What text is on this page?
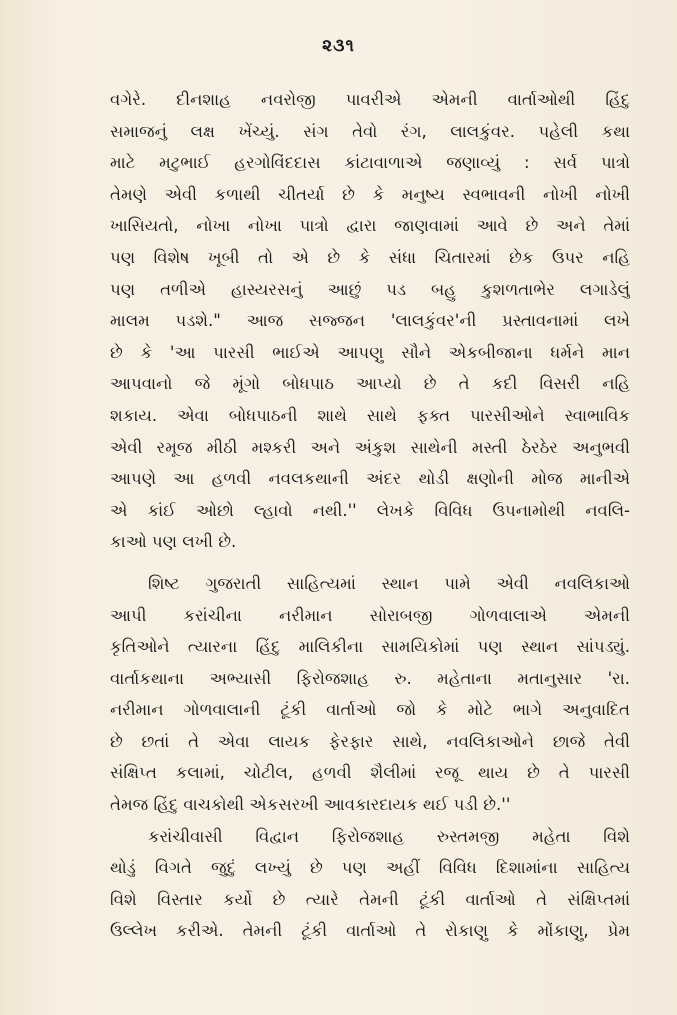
૨૩૧
વગેરે. દીનશાહ નવરોજી પાવરીએ એમની વાર્તાઓથી હિંદુ
સમાજનું લક્ષ ખેંચ્યું. સંગ તેવો રંગ, લાલકુંવર. પહેલી કથા
માટે મટુભાઈ હરગોવિંદદાસ કાંટાવાળાએ જણાવ્યું : સર્વ પાત્રો
તેમણે એવી કળાથી ચીતર્યા છે કે મનુષ્ય સ્વભાવની નોખી નોખી
ખાસિયતો, નોખા નોખા પાત્રો દ્વારા જાણવામાં આવે છે અને તેમાં
પણ વિશેષ ખૂબી તો એ છે કે સંધા ચિતારમાં છેક ઉપર નહિ
પણ તળીએ હાસ્યરસનું આછું પડ બહુ કુશળતાભેર લગાડેલું
માલમ પડશે." આજ સજ્જન 'લાલકુંવર'ની પ્રસ્તાવનામાં લખે
છે કે 'આ પારસી ભાઈએ આપણુ સૌને એકબીજાના ધર્મને માન
આપવાનો જે મૂંગો બોધપાઠ આપ્યો છે તે કદી વિસરી નહિ
શકાય. એવા બોધપાઠની શાથે સાથે ફક્ત પારસીઓને સ્વાભાવિક
એવી રમૂજ મીઠી મશ્કરી અને અંકુશ સાથેની મસ્તી ઠેરઠેર અનુભવી
આપણે આ હળવી નવલકથાની અંદર થોડી ક્ષણોની મોજ માનીએ
એ કાંઈ ઓછો લ્હાવો નથી.'' લેખકે વિવિધ ઉપનામોથી નવલિ-
કાઓ પણ લખી છે.
શિષ્ટ ગુજરાતી સાહિત્યમાં સ્થાન પામે એવી નવલિકાઓ
આપી કરાંચીના નરીમાન સોરાબજી ગોળવાલાએ એમની
કૃતિઓને ત્યારના હિંદુ માલિકીના સામયિકોમાં પણ સ્થાન સાંપડ્યું.
વાર્તાકથાના અભ્યાસી ફિરોજશાહ રુ. મહેતાના મતાનુસાર 'રા.
નરીમાન ગોળવાલાની ટૂંકી વાર્તાઓ જો કે મોટે ભાગે અનુવાદિત
છે છતાં તે એવા લાયક ફેરફાર સાથે, નવલિકાઓને છાજે તેવી
સંક્ષિપ્ત કલામાં, ચોટીલ, હળવી શૈલીમાં રજૂ થાય છે તે પારસી
તેમજ હિંદુ વાચકોથી એકસરખી આવકારદાયક થઈ પડી છે.''
કરાંચીવાસી વિદ્વાન ફિરોજશાહ રુસ્તમજી મહેતા વિશે
થોડું વિગતે જુદું લખ્યું છે પણ અહીં વિવિધ દિશામાંના સાહિત્ય
વિશે વિસ્તાર કર્યો છે ત્યારે તેમની ટૂંકી વાર્તાઓ તે સંક્ષિપ્તમાં
ઉલ્લેખ કરીએ. તેમની ટૂંકી વાર્તાઓ તે રોકાણુ કે મોંકાણુ, પ્રેમ
